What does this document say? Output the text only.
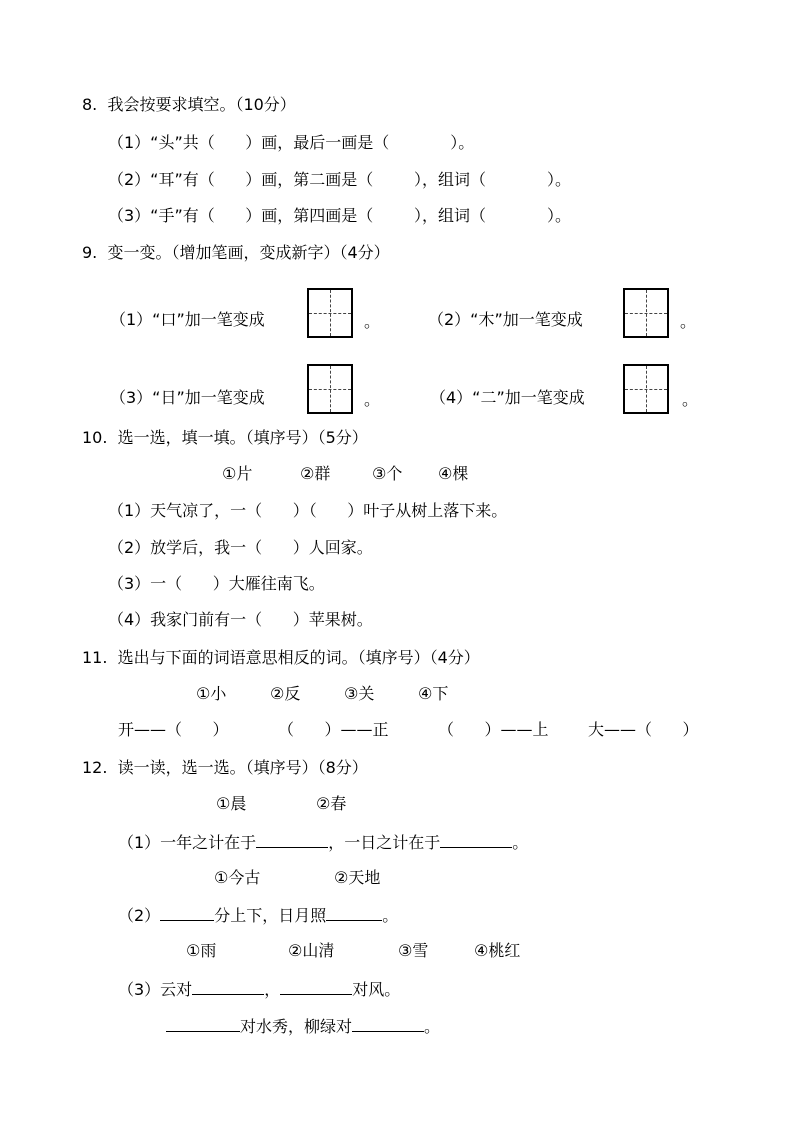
8.  我会按要求填空。（10分）
（1）“头”共（      ）画，最后一画是（            ）。
（2）“耳”有（      ）画，第二画是（        ），组词（            ）。
（3）“手”有（      ）画，第四画是（        ），组词（            ）。
9.  变一变。（增加笔画，变成新字）（4分）
（1）“口”加一笔变成	。	（2）“木”加一笔变成	。
（3）“日”加一笔变成	。	（4）“二”加一笔变成	。
10.  选一选，填一填。（填序号）（5分）
①片	②群	③个 ④棵
（1）天气凉了，一（      ）（      ）叶子从树上落下来。
（2）放学后，我一（      ）人回家。
（3）一（      ）大雁往南飞。
（4）我家门前有一（      ）苹果树。
11.  选出与下面的词语意思相反的词。（填序号）（4分）
①小	②反	③关	④下
开——（      ）	（      ）——正	（      ）——上 大——（      ）
12.  读一读，选一选。（填序号）（8分）
①晨	②春
（1）一年之计在于	，一日之计在于	。
①今古	②天地
（2）	分上下，日月照	。
①雨	②山清	③雪	④桃红
（3）云对	，	对风。
对水秀，柳绿对	。
